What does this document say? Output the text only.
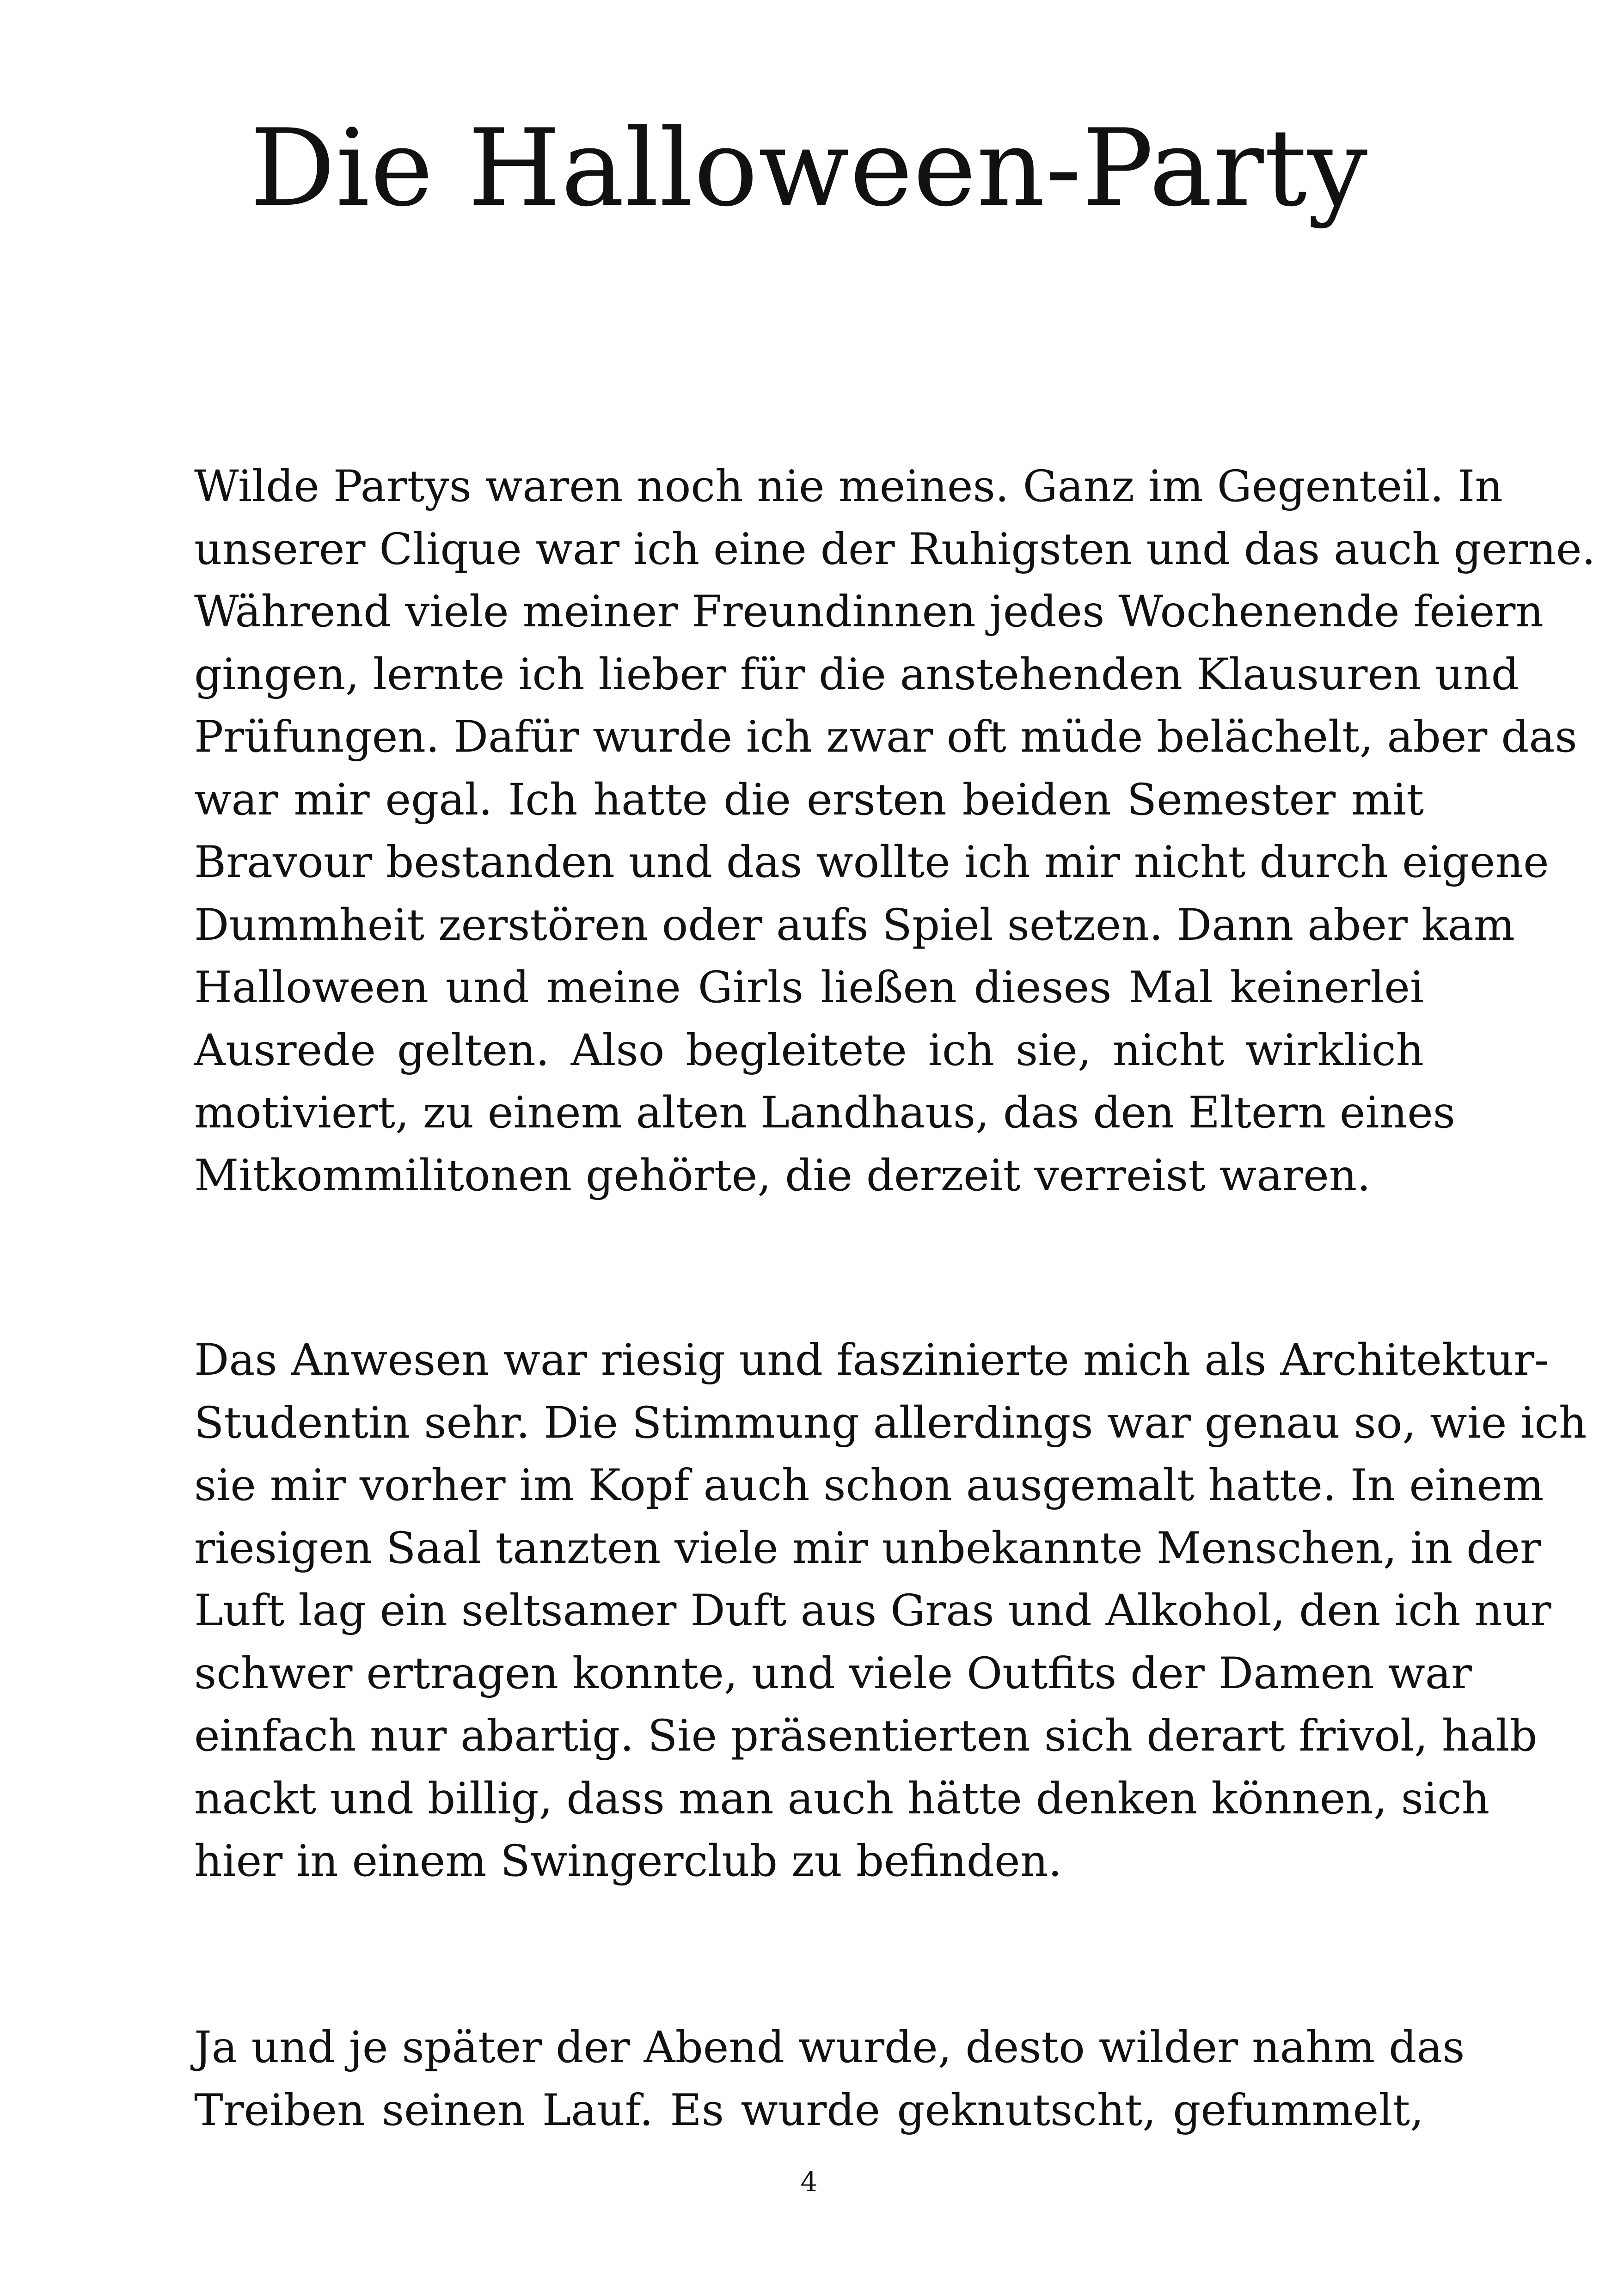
Die Halloween-Party
Wilde Partys waren noch nie meines. Ganz im Gegenteil. In
unserer Clique war ich eine der Ruhigsten und das auch gerne.
Während viele meiner Freundinnen jedes Wochenende feiern
gingen, lernte ich lieber für die anstehenden Klausuren und
Prüfungen. Dafür wurde ich zwar oft müde belächelt, aber das
war mir egal. Ich hatte die ersten beiden Semester mit
Bravour bestanden und das wollte ich mir nicht durch eigene
Dummheit zerstören oder aufs Spiel setzen. Dann aber kam
Halloween und meine Girls ließen dieses Mal keinerlei
Ausrede gelten. Also begleitete ich sie, nicht wirklich
motiviert, zu einem alten Landhaus, das den Eltern eines
Mitkommilitonen gehörte, die derzeit verreist waren.
Das Anwesen war riesig und faszinierte mich als Architektur-
Studentin sehr. Die Stimmung allerdings war genau so, wie ich
sie mir vorher im Kopf auch schon ausgemalt hatte. In einem
riesigen Saal tanzten viele mir unbekannte Menschen, in der
Luft lag ein seltsamer Duft aus Gras und Alkohol, den ich nur
schwer ertragen konnte, und viele Outfits der Damen war
einfach nur abartig. Sie präsentierten sich derart frivol, halb
nackt und billig, dass man auch hätte denken können, sich
hier in einem Swingerclub zu befinden.
Ja und je später der Abend wurde, desto wilder nahm das
Treiben seinen Lauf. Es wurde geknutscht, gefummelt,
4
